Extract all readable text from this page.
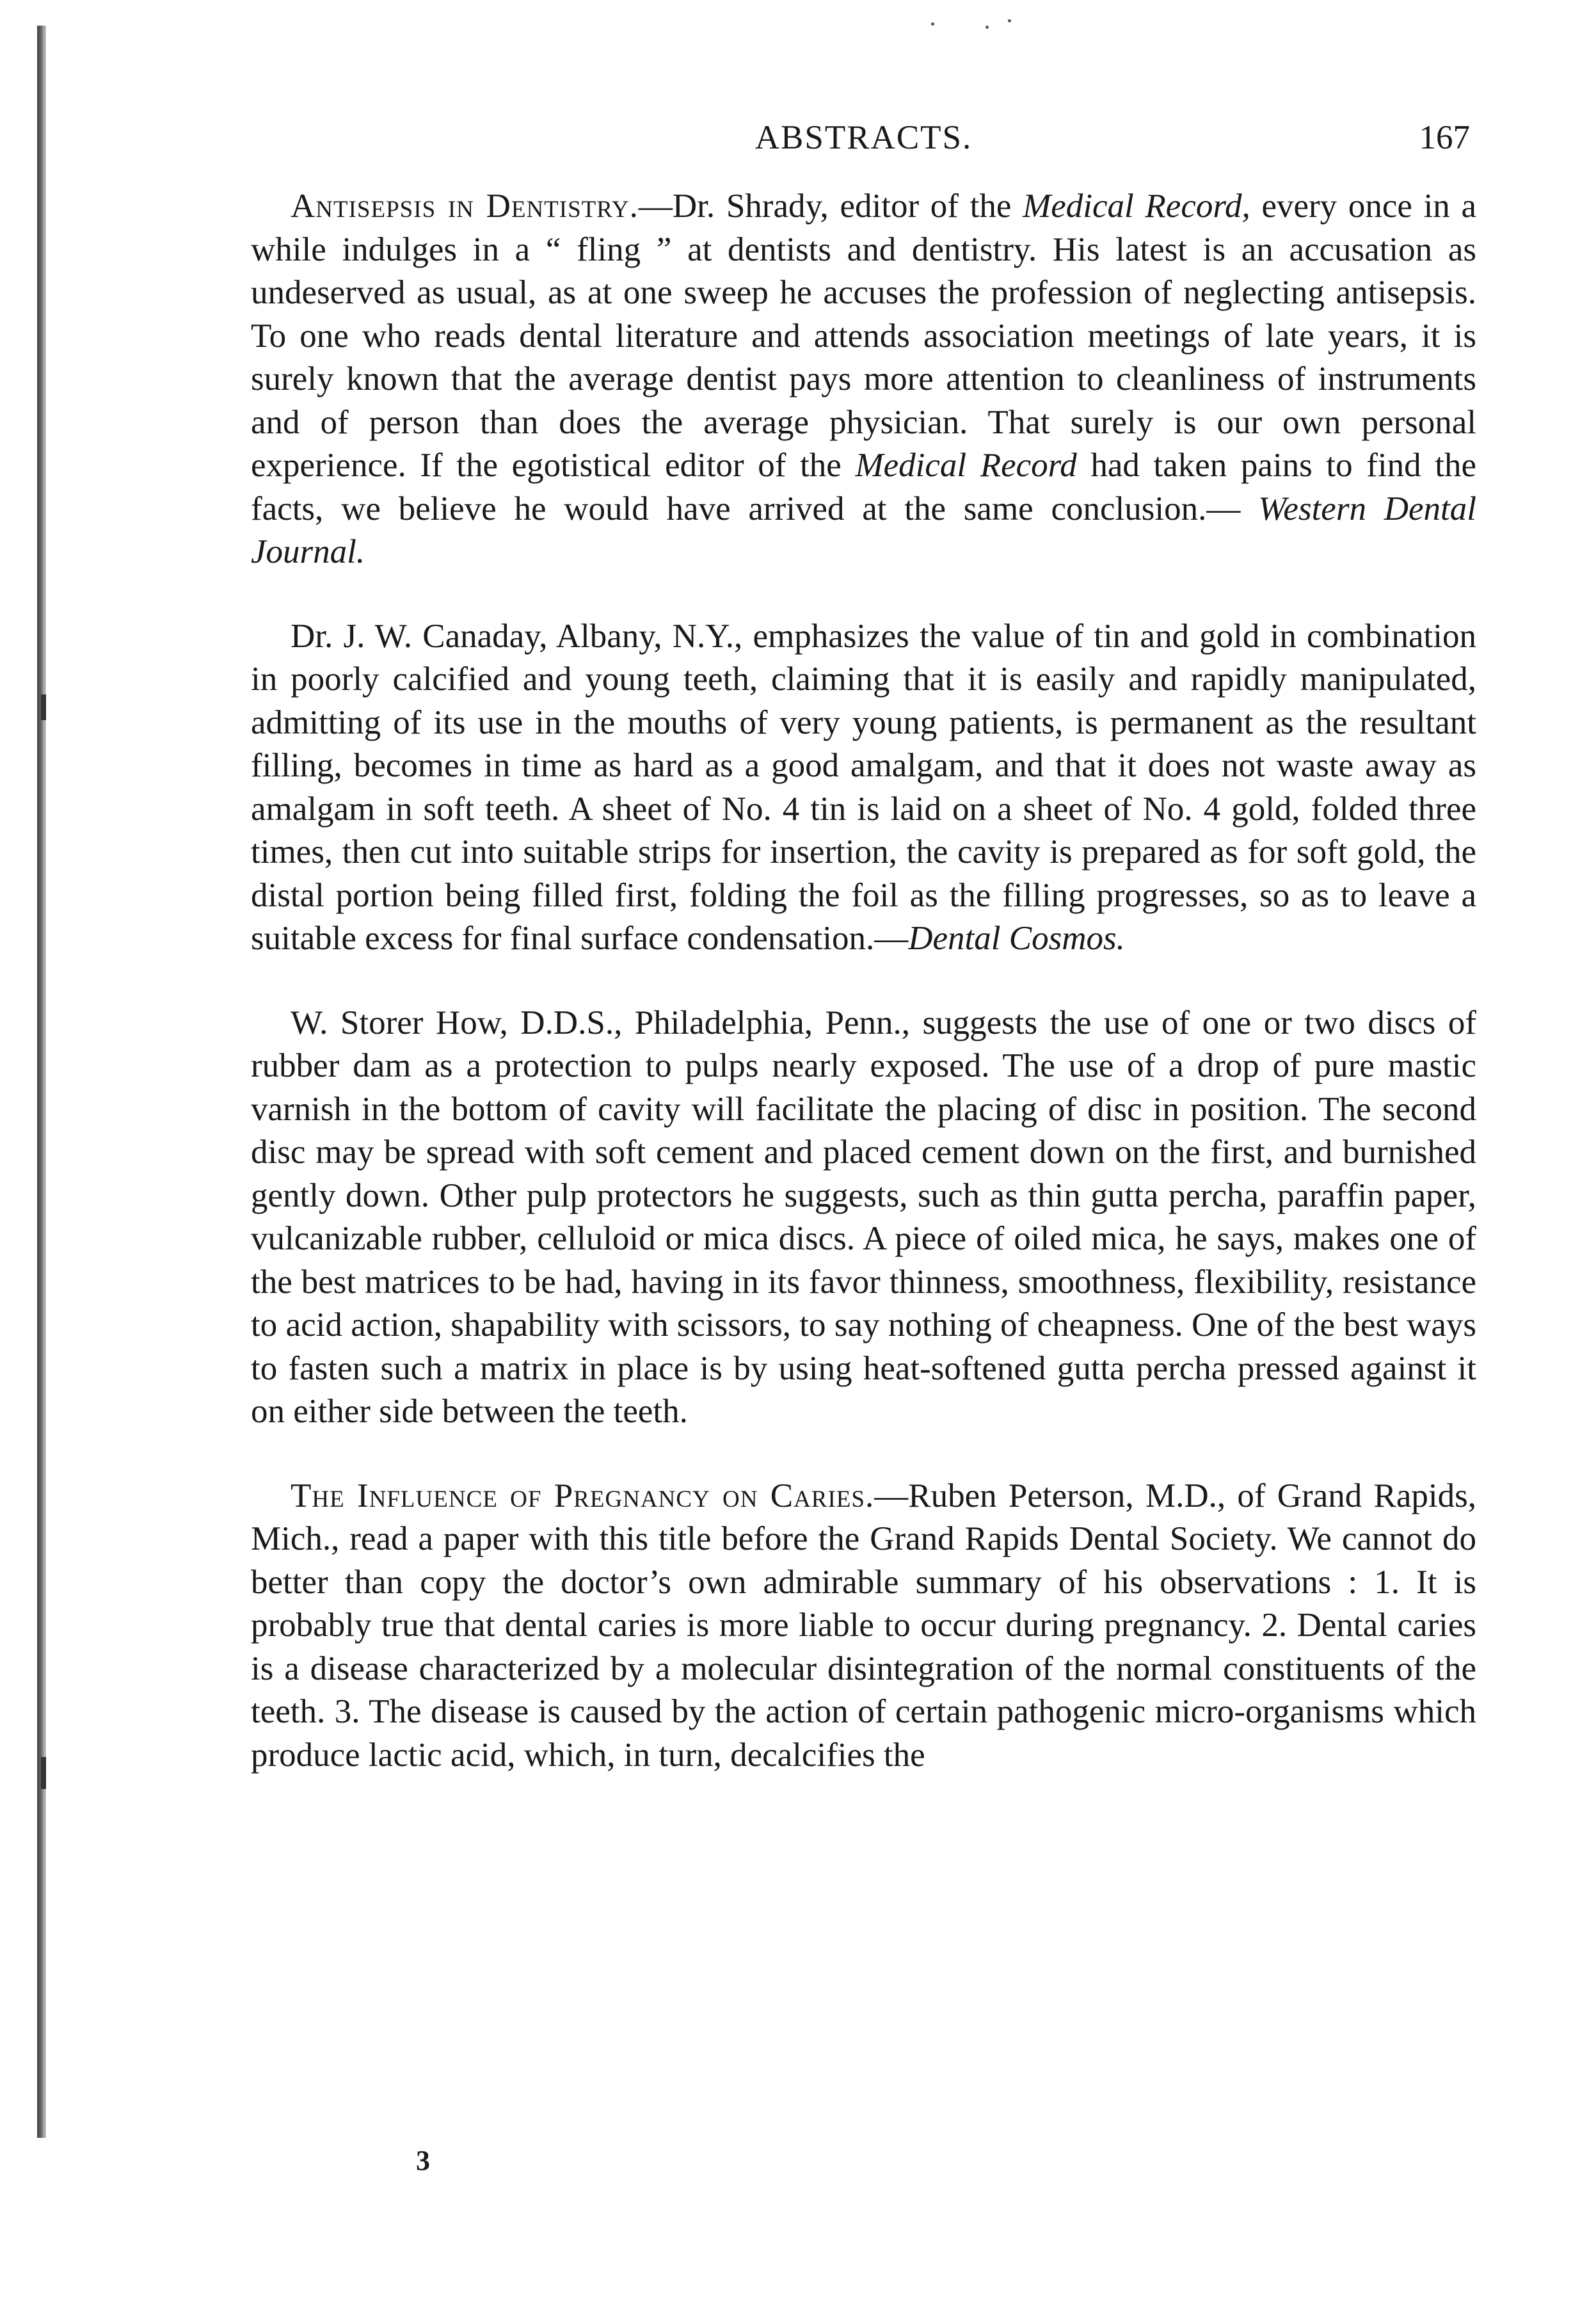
ABSTRACTS.	167

Antisepsis in Dentistry.—Dr. Shrady, editor of the Medical Record, every once in a while indulges in a “ fling ” at dentists and dentistry. His latest is an accusation as undeserved as usual, as at one sweep he accuses the profession of neglecting antisepsis. To one who reads dental literature and attends association meetings of late years, it is surely known that the average dentist pays more attention to cleanliness of instruments and of person than does the average physician. That surely is our own personal experience. If the egotistical editor of the Medical Record had taken pains to find the facts, we believe he would have arrived at the same conclusion.— Western Dental Journal.

Dr. J. W. Canaday, Albany, N.Y., emphasizes the value of tin and gold in combination in poorly calcified and young teeth, claiming that it is easily and rapidly manipulated, admitting of its use in the mouths of very young patients, is permanent as the resultant filling, becomes in time as hard as a good amalgam, and that it does not waste away as amalgam in soft teeth. A sheet of No. 4 tin is laid on a sheet of No. 4 gold, folded three times, then cut into suitable strips for insertion, the cavity is prepared as for soft gold, the distal portion being filled first, folding the foil as the filling progresses, so as to leave a suitable excess for final surface condensation.—Dental Cosmos.

W. Storer How, D.D.S., Philadelphia, Penn., suggests the use of one or two discs of rubber dam as a protection to pulps nearly exposed. The use of a drop of pure mastic varnish in the bottom of cavity will facilitate the placing of disc in position. The second disc may be spread with soft cement and placed cement down on the first, and burnished gently down. Other pulp protectors he suggests, such as thin gutta percha, paraffin paper, vulcanizable rubber, celluloid or mica discs. A piece of oiled mica, he says, makes one of the best matrices to be had, having in its favor thinness, smoothness, flexibility, resistance to acid action, shapability with scissors, to say nothing of cheapness. One of the best ways to fasten such a matrix in place is by using heat-softened gutta percha pressed against it on either side between the teeth.

The Influence of Pregnancy on Caries.—Ruben Peterson, M.D., of Grand Rapids, Mich., read a paper with this title before the Grand Rapids Dental Society. We cannot do better than copy the doctor’s own admirable summary of his observations : 1. It is probably true that dental caries is more liable to occur during pregnancy. 2. Dental caries is a disease characterized by a molecular disintegration of the normal constituents of the teeth. 3. The disease is caused by the action of certain pathogenic micro-organisms which produce lactic acid, which, in turn, decalcifies the

3
